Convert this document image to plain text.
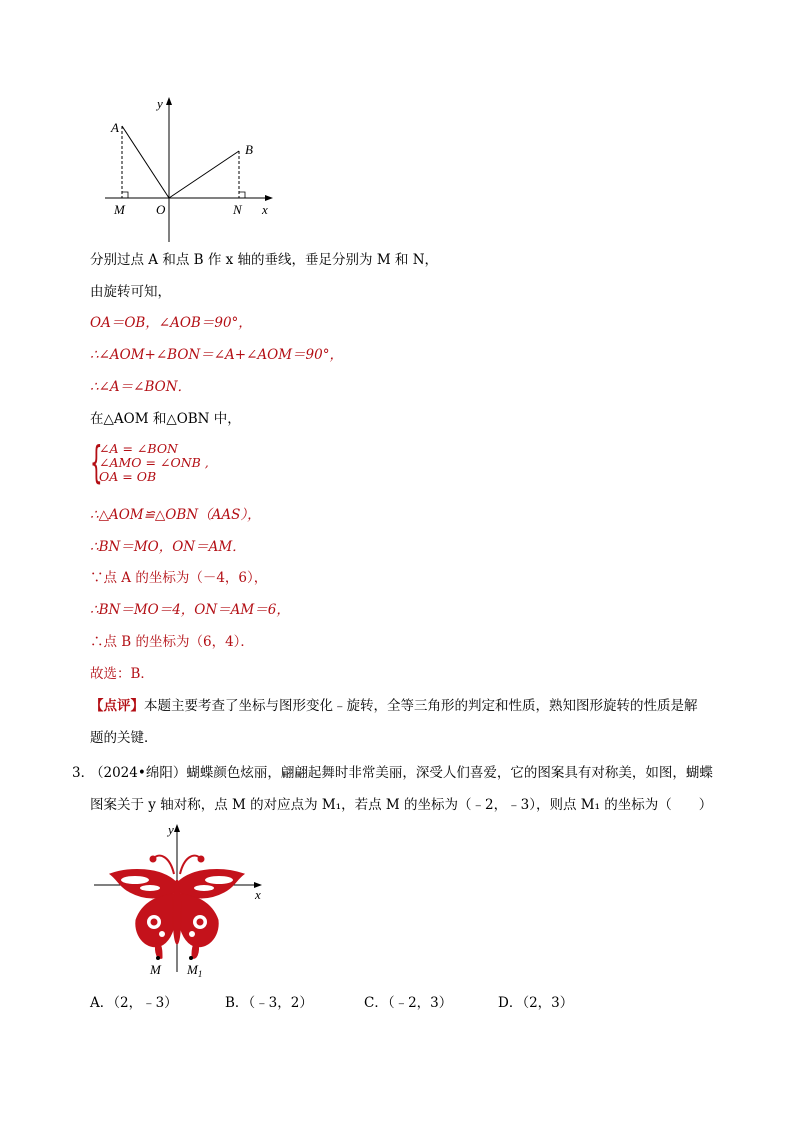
y
x
A
B
M O	N
分别过点 A 和点 B 作 x 轴的垂线，垂足分别为 M 和 N，
由旋转可知，
OA＝OB，∠AOB＝90°，
∴∠AOM+∠BON＝∠A+∠AOM＝90°，
∴∠A＝∠BON．
在△AOM 和△OBN 中，
{
∠A = ∠BON
∠AMO = ∠ONB ,
OA = OB
∴△AOM≌△OBN（AAS），
∴BN＝MO，ON＝AM．
∵点 A 的坐标为（－4，6），
∴BN＝MO＝4，ON＝AM＝6，
∴点 B 的坐标为（6，4）．
故选：B．
【点评】本题主要考查了坐标与图形变化﹣旋转，全等三角形的判定和性质，熟知图形旋转的性质是解
题的关键．
3．
（2024•绵阳）蝴蝶颜色炫丽，翩翩起舞时非常美丽，深受人们喜爱，它的图案具有对称美，如图，蝴蝶
图案关于 y 轴对称，点 M 的对应点为 M₁，若点 M 的坐标为（﹣2，﹣3），则点 M₁ 的坐标为（　　）
y
x
M $M_1$
A．（2，﹣3）	B．（﹣3，2）	C．（﹣2，3）	D．（2，3）
